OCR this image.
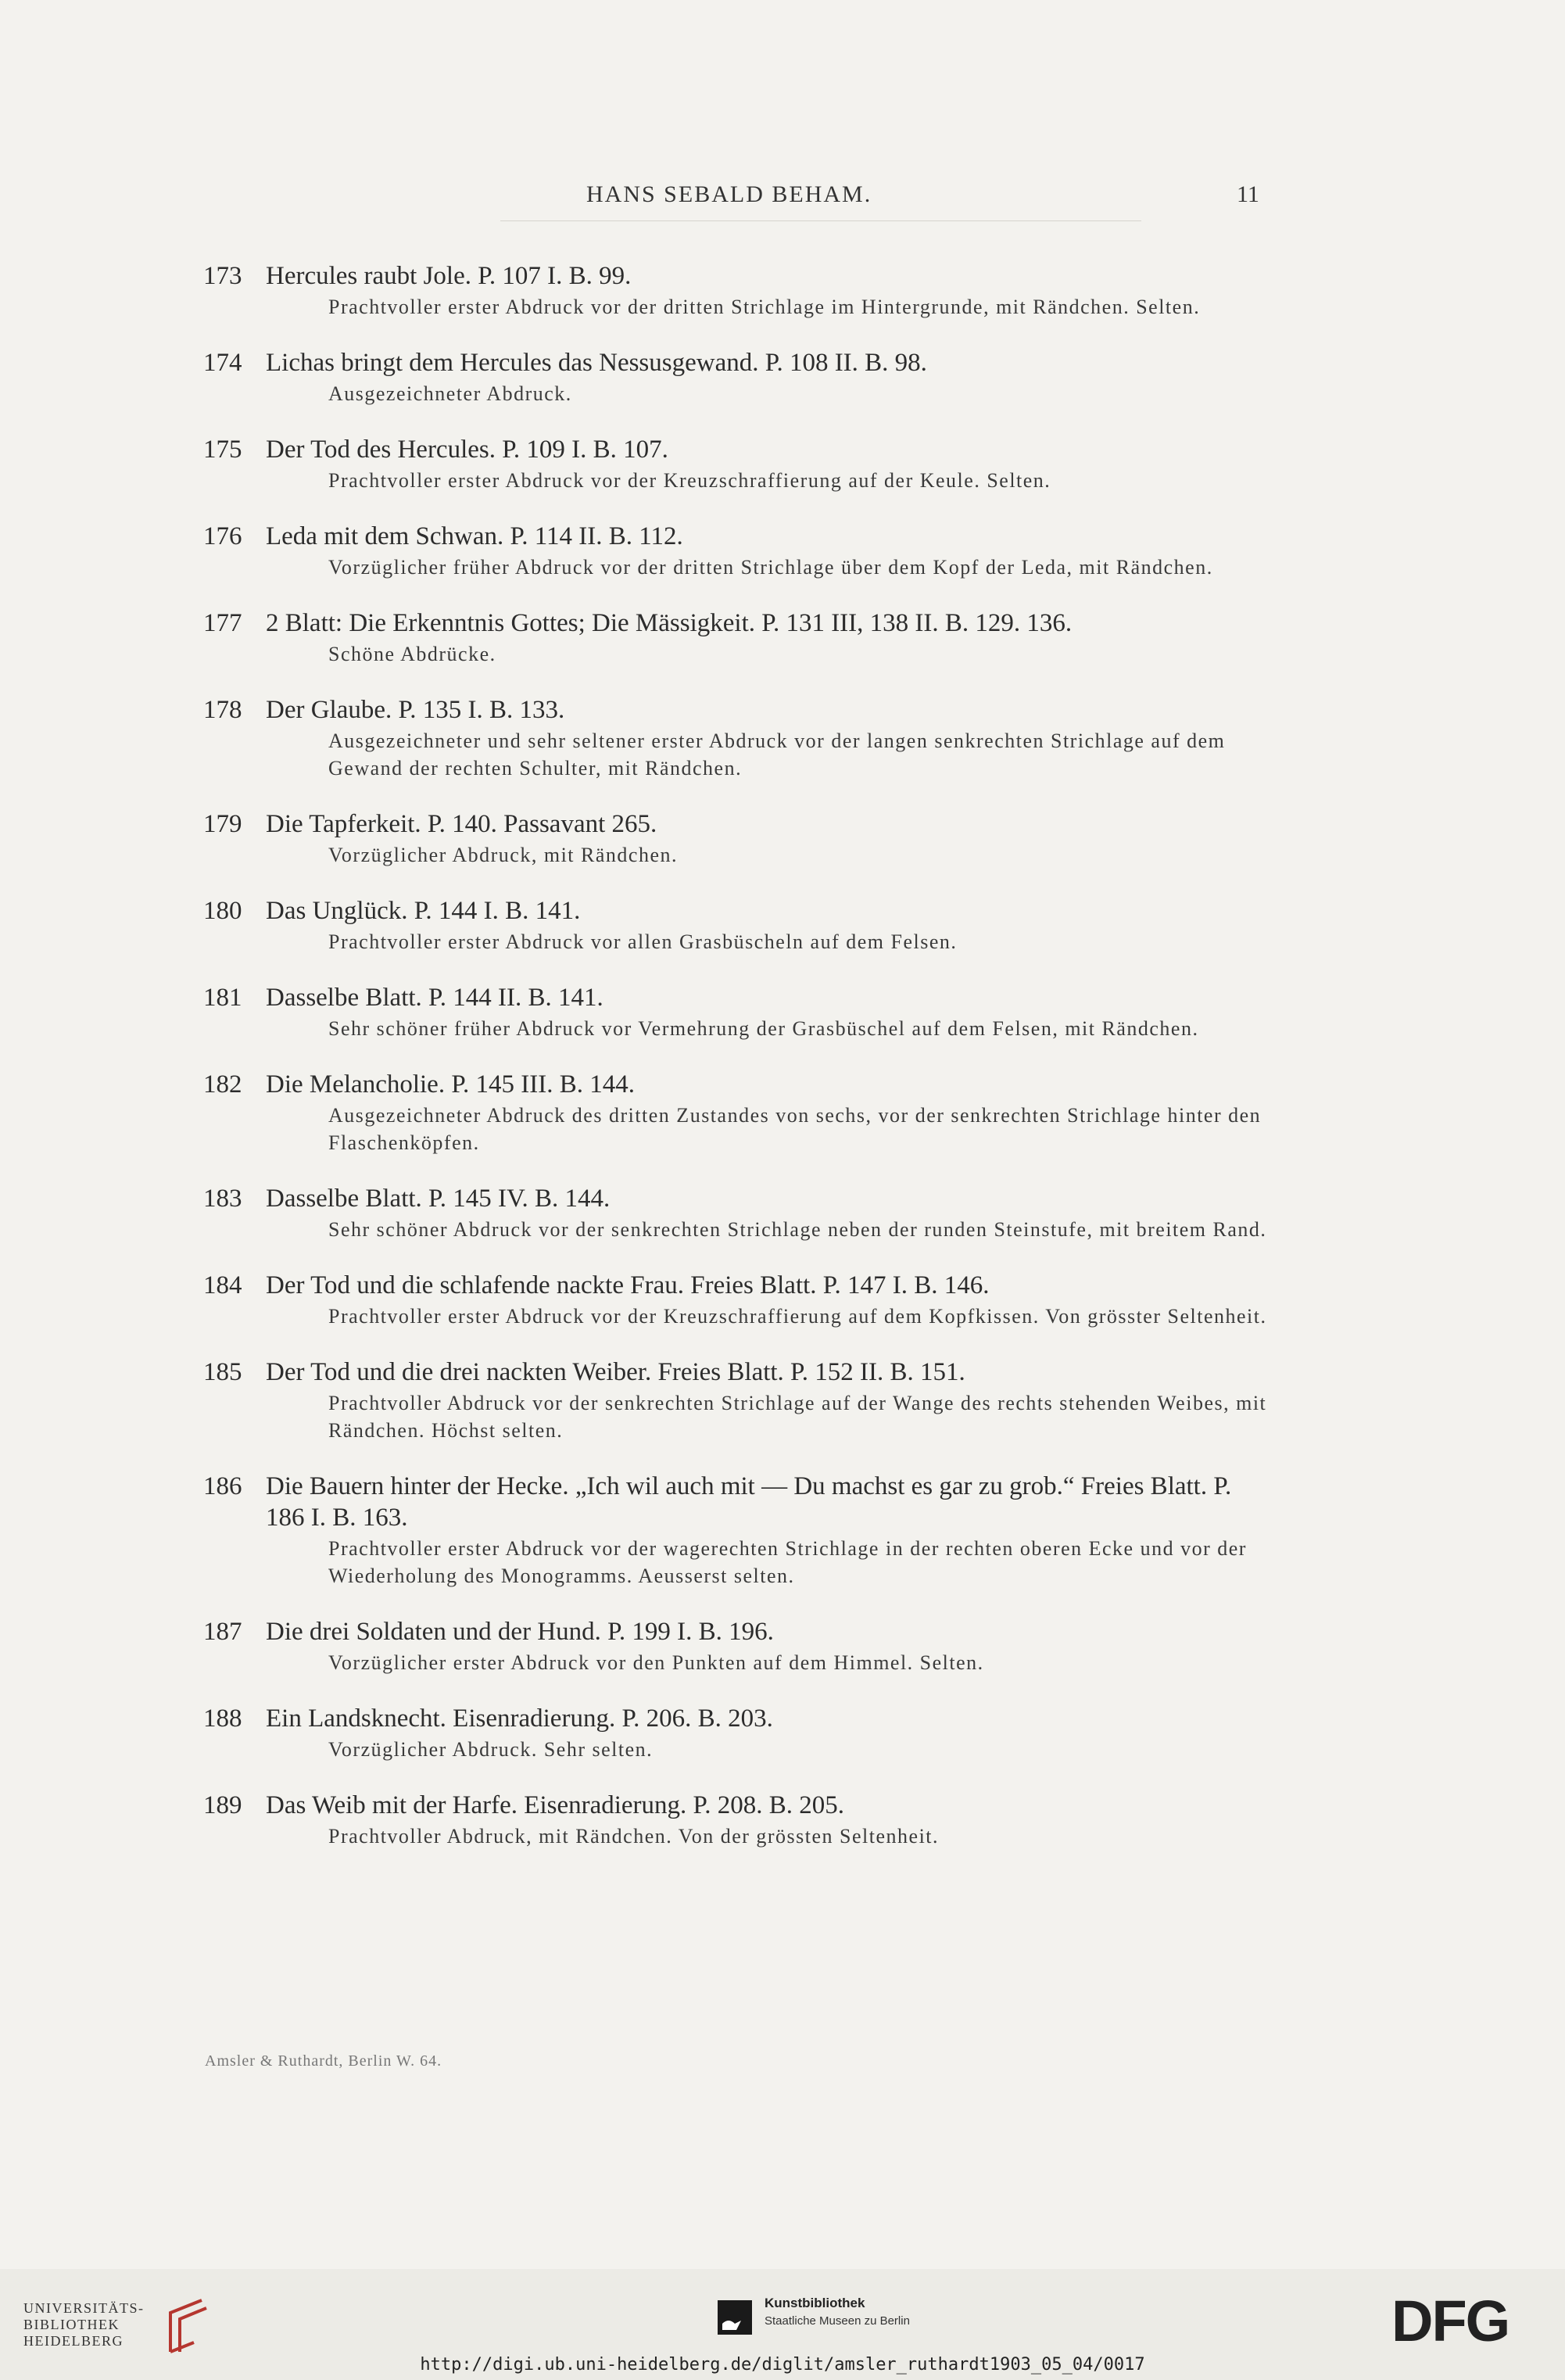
HANS SEBALD BEHAM.	11
173 Hercules raubt Jole. P. 107 I. B. 99.
Prachtvoller erster Abdruck vor der dritten Strichlage im Hintergrunde, mit Rändchen. Selten.
174 Lichas bringt dem Hercules das Nessusgewand. P. 108 II. B. 98.
Ausgezeichneter Abdruck.
175 Der Tod des Hercules. P. 109 I. B. 107.
Prachtvoller erster Abdruck vor der Kreuzschraffierung auf der Keule. Selten.
176 Leda mit dem Schwan. P. 114 II. B. 112.
Vorzüglicher früher Abdruck vor der dritten Strichlage über dem Kopf der Leda, mit Rändchen.
177 2 Blatt: Die Erkenntnis Gottes; Die Mässigkeit. P. 131 III, 138 II. B. 129. 136.
Schöne Abdrücke.
178 Der Glaube. P. 135 I. B. 133.
Ausgezeichneter und sehr seltener erster Abdruck vor der langen senkrechten Strichlage auf dem Gewand der rechten Schulter, mit Rändchen.
179 Die Tapferkeit. P. 140. Passavant 265.
Vorzüglicher Abdruck, mit Rändchen.
180 Das Unglück. P. 144 I. B. 141.
Prachtvoller erster Abdruck vor allen Grasbüscheln auf dem Felsen.
181 Dasselbe Blatt. P. 144 II. B. 141.
Sehr schöner früher Abdruck vor Vermehrung der Grasbüschel auf dem Felsen, mit Rändchen.
182 Die Melancholie. P. 145 III. B. 144.
Ausgezeichneter Abdruck des dritten Zustandes von sechs, vor der senkrechten Strichlage hinter den Flaschenköpfen.
183 Dasselbe Blatt. P. 145 IV. B. 144.
Sehr schöner Abdruck vor der senkrechten Strichlage neben der runden Steinstufe, mit breitem Rand.
184 Der Tod und die schlafende nackte Frau. Freies Blatt. P. 147 I. B. 146.
Prachtvoller erster Abdruck vor der Kreuzschraffierung auf dem Kopfkissen. Von grösster Seltenheit.
185 Der Tod und die drei nackten Weiber. Freies Blatt. P. 152 II. B. 151.
Prachtvoller Abdruck vor der senkrechten Strichlage auf der Wange des rechts stehenden Weibes, mit Rändchen. Höchst selten.
186 Die Bauern hinter der Hecke. „Ich wil auch mit — Du machst es gar zu grob.“ Freies Blatt. P. 186 I. B. 163.
Prachtvoller erster Abdruck vor der wagerechten Strichlage in der rechten oberen Ecke und vor der Wiederholung des Monogramms. Aeusserst selten.
187 Die drei Soldaten und der Hund. P. 199 I. B. 196.
Vorzüglicher erster Abdruck vor den Punkten auf dem Himmel. Selten.
188 Ein Landsknecht. Eisenradierung. P. 206. B. 203.
Vorzüglicher Abdruck. Sehr selten.
189 Das Weib mit der Harfe. Eisenradierung. P. 208. B. 205.
Prachtvoller Abdruck, mit Rändchen. Von der grössten Seltenheit.
Amsler & Ruthardt, Berlin W. 64.
UNIVERSITÄTS-
BIBLIOTHEK
HEIDELBERG
Kunstbibliothek
Staatliche Museen zu Berlin	DFG
http://digi.ub.uni-heidelberg.de/diglit/amsler_ruthardt1903_05_04/0017
